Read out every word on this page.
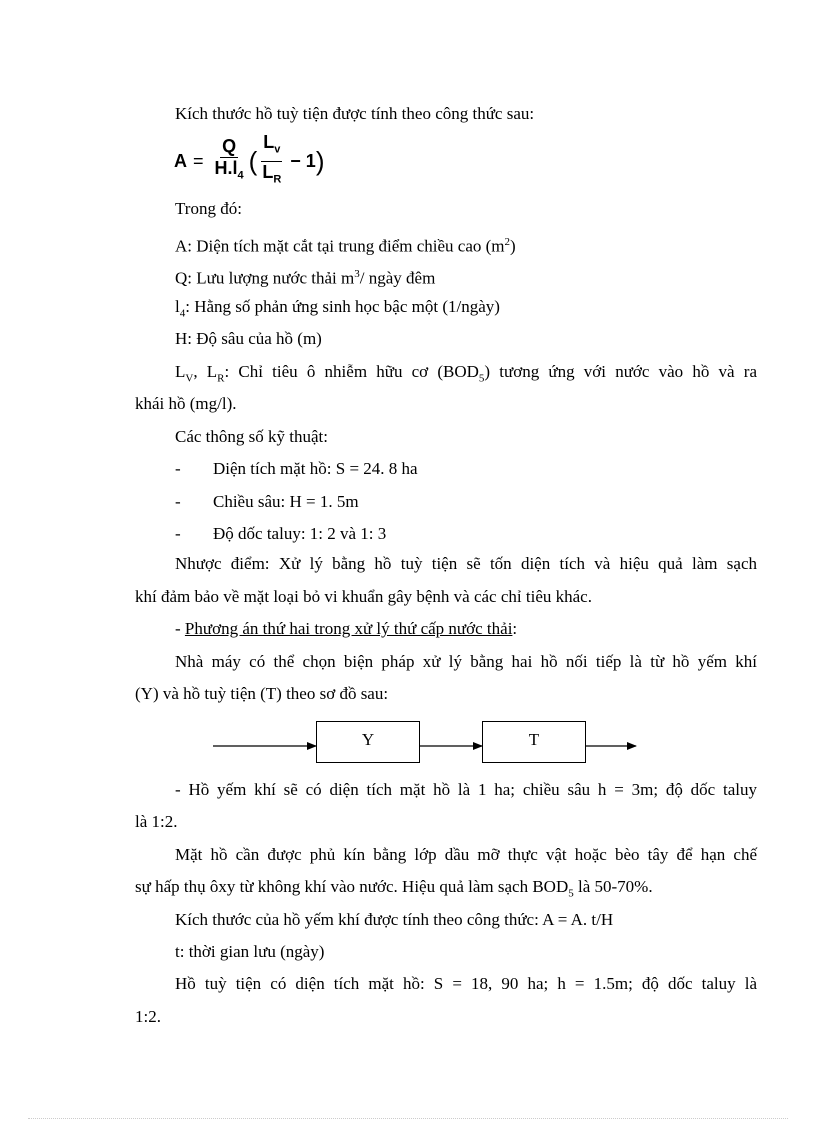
Kích thước hồ tuỳ tiện được tính theo công thức sau:

$A = \frac{Q}{H.l_4}$ ( $\frac{L_v}{L_R} - 1$ )

Trong đó:

A: Diện tích mặt cắt tại trung điểm chiều cao $(m^2)$

Q: Lưu lượng nước thải $m^3/$ ngày đêm

$l_4$: Hằng số phản ứng sinh học bậc một (1/ngày)

H: Độ sâu của hồ (m)

$L_V$, $L_R$: Chỉ tiêu ô nhiễm hữu cơ $(BOD_5)$ tương ứng với nước vào hồ và ra

khái hồ (mg/l).

Các thông số kỹ thuật:

- Diện tích mặt hồ: S = 24. 8 ha
- Chiều sâu: H = 1. 5m
- Độ dốc taluy: 1: 2 và 1: 3

Nhược điểm: Xử lý bằng hồ tuỳ tiện sẽ tốn diện tích và hiệu quả làm sạch

khí đảm bảo về mặt loại bỏ vi khuẩn gây bệnh và các chỉ tiêu khác.

- Phương án thứ hai trong xử lý thứ cấp nước thải:

Nhà máy có thể chọn biện pháp xử lý bằng hai hồ nối tiếp là từ hồ yếm khí

(Y) và hồ tuỳ tiện (T) theo sơ đồ sau:

Y	T

- Hồ yếm khí sẽ có diện tích mặt hồ là 1 ha; chiều sâu h = 3m; độ dốc taluy

là 1:2.

Mặt hồ cần được phủ kín bằng lớp dầu mỡ thực vật hoặc bèo tây để hạn chế

sự hấp thụ ôxy từ không khí vào nước. Hiệu quả làm sạch $BOD_5$ là 50-70%.

Kích thước của hồ yếm khí được tính theo công thức: A = A. t/H

t: thời gian lưu (ngày)

Hồ tuỳ tiện có diện tích mặt hồ: S = 18, 90 ha; h = 1.5m; độ dốc taluy là

1:2.
